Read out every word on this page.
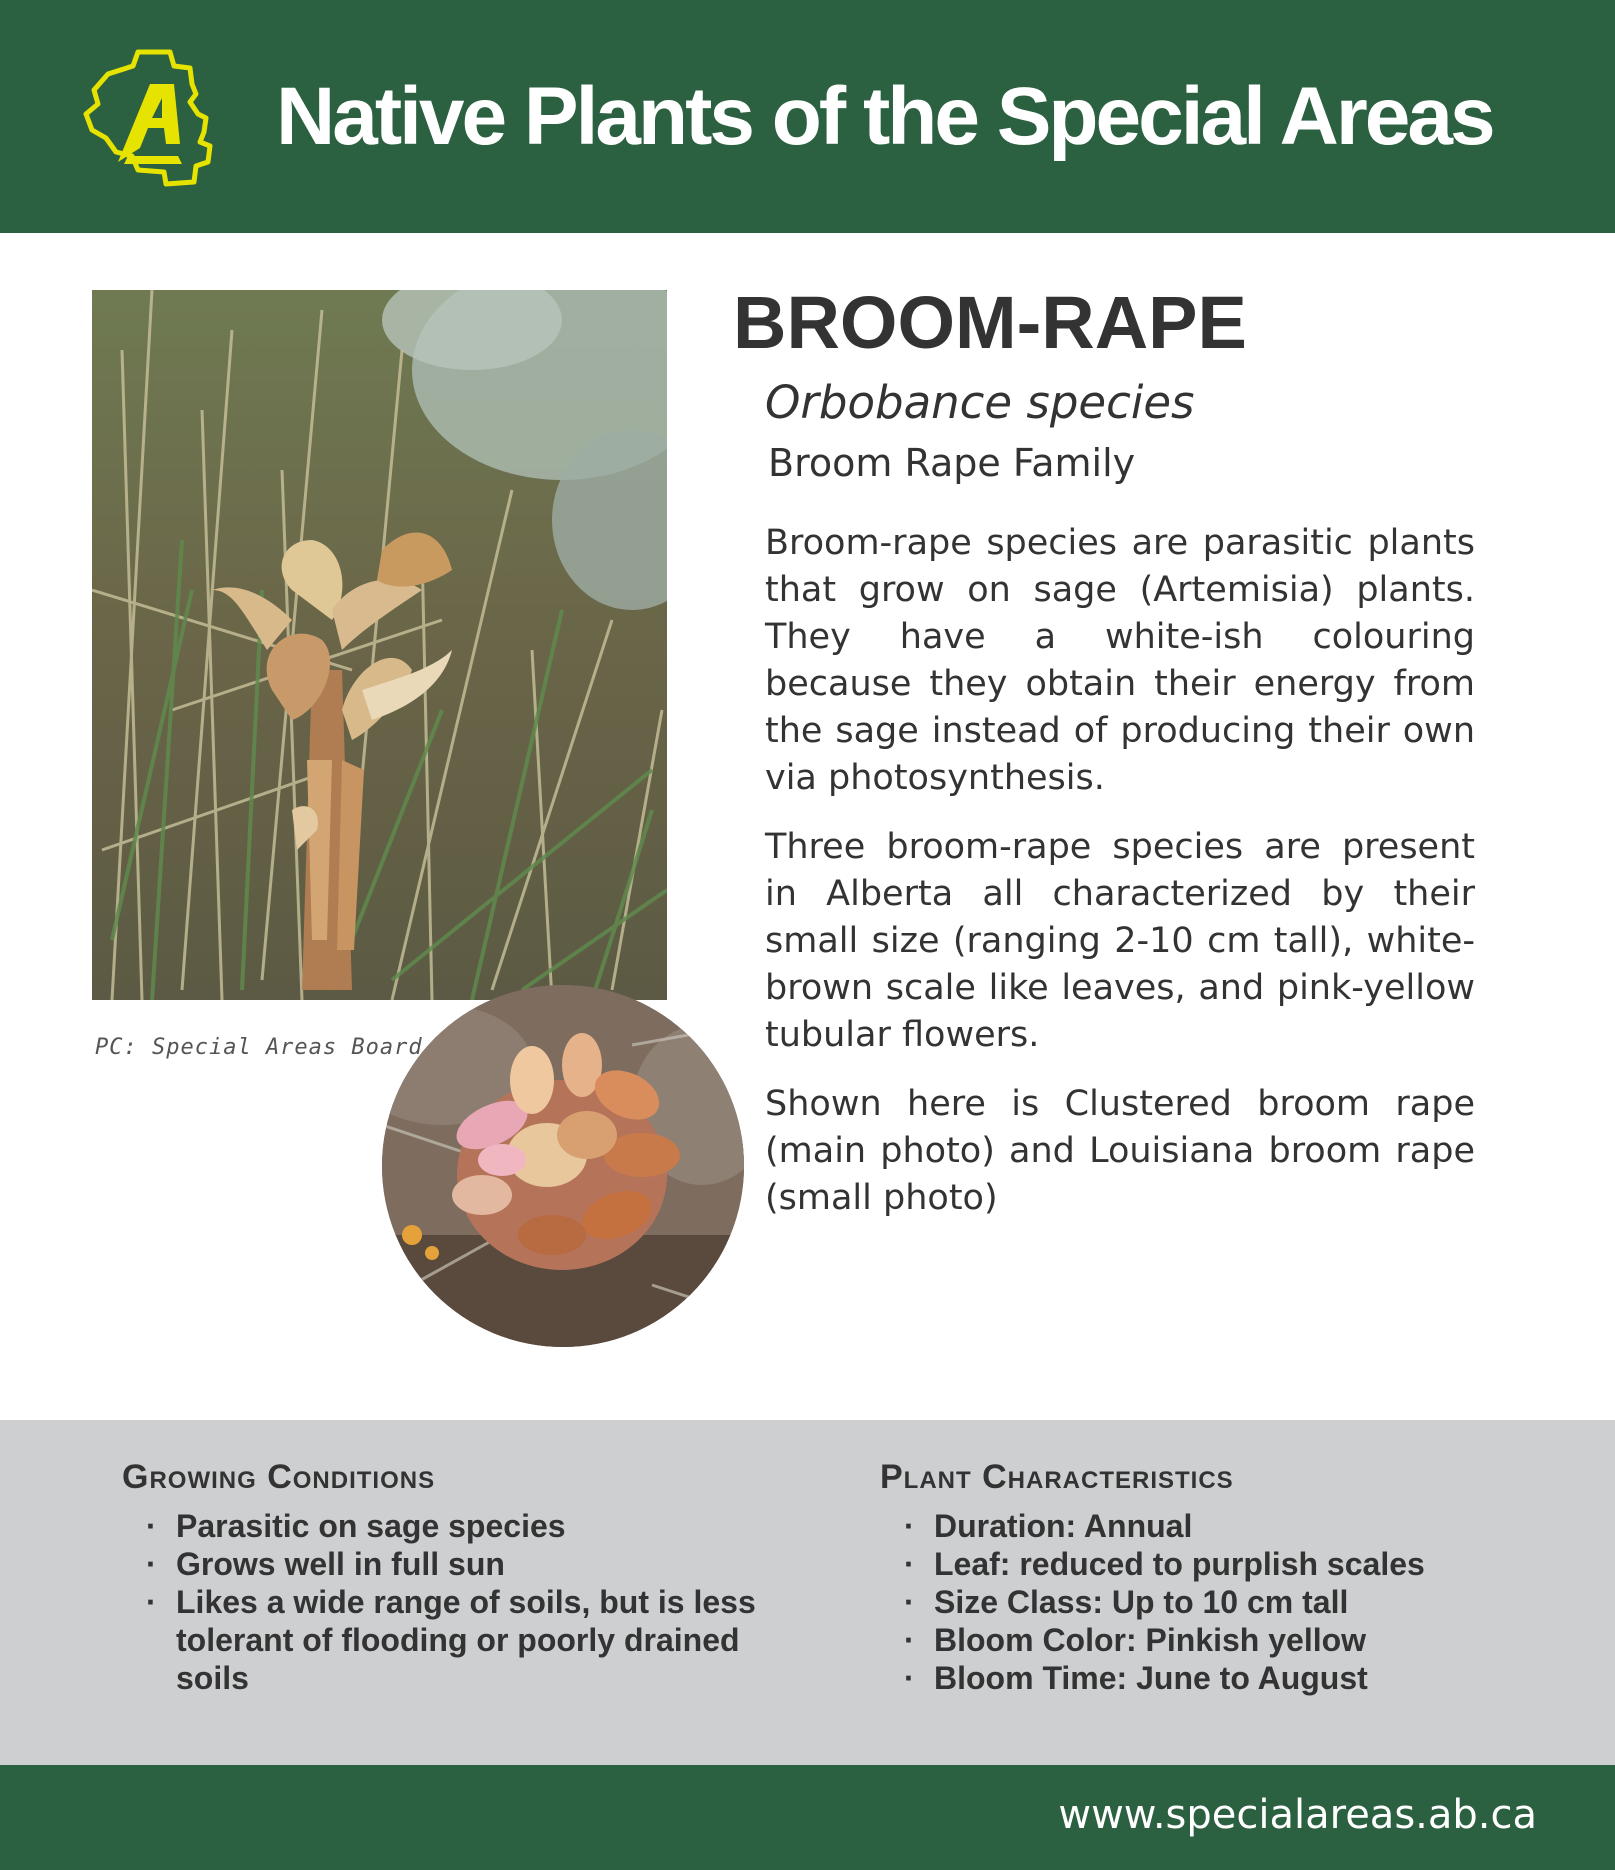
Native Plants of the Special Areas
PC: Special Areas Board
BROOM-RAPE
Orbobance species
Broom Rape Family

Broom-rape species are parasitic plants that grow on sage (Artemisia) plants. They have a white-ish colouring because they obtain their energy from the sage instead of producing their own via photosynthesis.

Three broom-rape species are present in Alberta all characterized by their small size (ranging 2-10 cm tall), white-brown scale like leaves, and pink-yellow tubular flowers.

Shown here is Clustered broom rape (main photo) and Louisiana broom rape (small photo)

Growing Conditions
· Parasitic on sage species
· Grows well in full sun
· Likes a wide range of soils, but is less tolerant of flooding or poorly drained soils
Plant Characteristics
· Duration: Annual
· Leaf: reduced to purplish scales
· Size Class: Up to 10 cm tall
· Bloom Color: Pinkish yellow
· Bloom Time: June to August
www.specialareas.ab.ca
